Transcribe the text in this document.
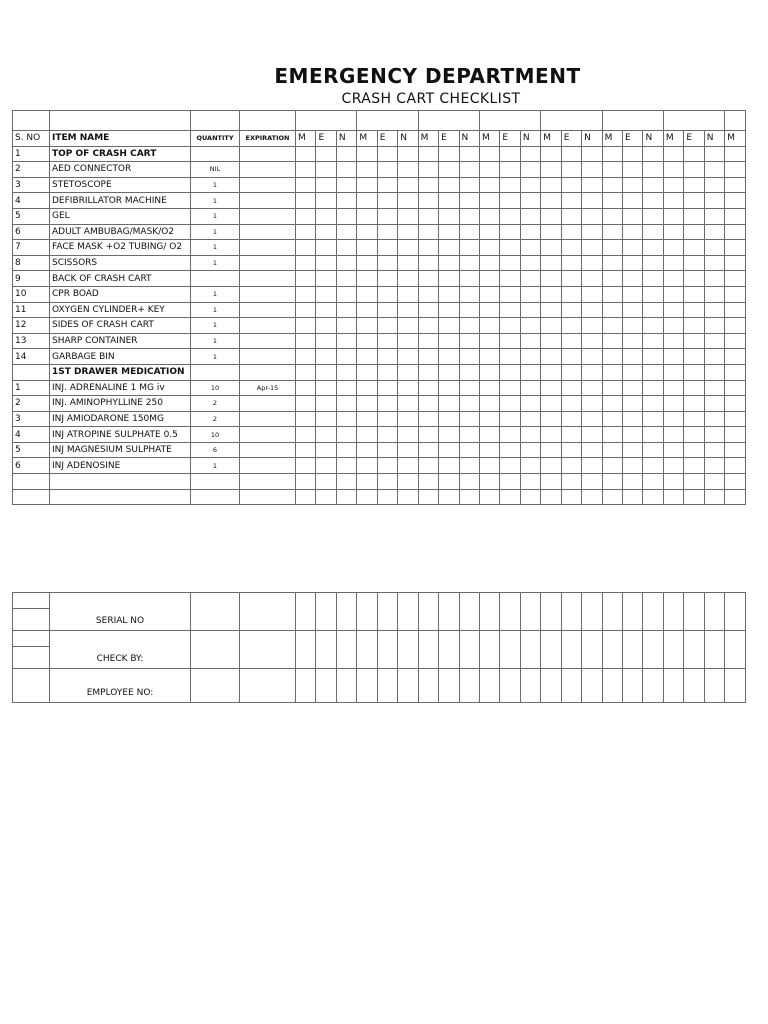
EMERGENCY DEPARTMENT
CRASH CART CHECKLIST

S. NO	ITEM NAME	QUANTITY	EXPIRATION	M	E	N	M	E	N	M	E	N	M	E	N	M	E	N	M	E	N	M	E	N	M
1	TOP OF CRASH CART																								
2	AED CONNECTOR	NIL																							
3	STETOSCOPE	1																							
4	DEFIBRILLATOR MACHINE	1																							
5	GEL	1																							
6	ADULT AMBUBAG/MASK/O2	1																							
7	FACE MASK +O2 TUBING/ O2	1																							
8	SCISSORS	1																							
9	BACK OF CRASH CART																								
10	CPR BOAD	1																							
11	OXYGEN CYLINDER+ KEY	1																							
12	SIDES OF CRASH CART	1																							
13	SHARP CONTAINER	1																							
14	GARBAGE BIN	1																							
	1ST DRAWER MEDICATION																								
1	INJ. ADRENALINE 1 MG iv	10	Apr-15																						
2	INJ. AMINOPHYLLINE 250	2																							
3	INJ AMIODARONE 150MG	2																							
4	INJ ATROPINE SULPHATE 0.5	10																							
5	INJ MAGNESIUM SULPHATE	6																							
6	INJ ADENOSINE	1																							

	SERIAL NO																								

	CHECK BY:																								

	EMPLOYEE NO:																								
